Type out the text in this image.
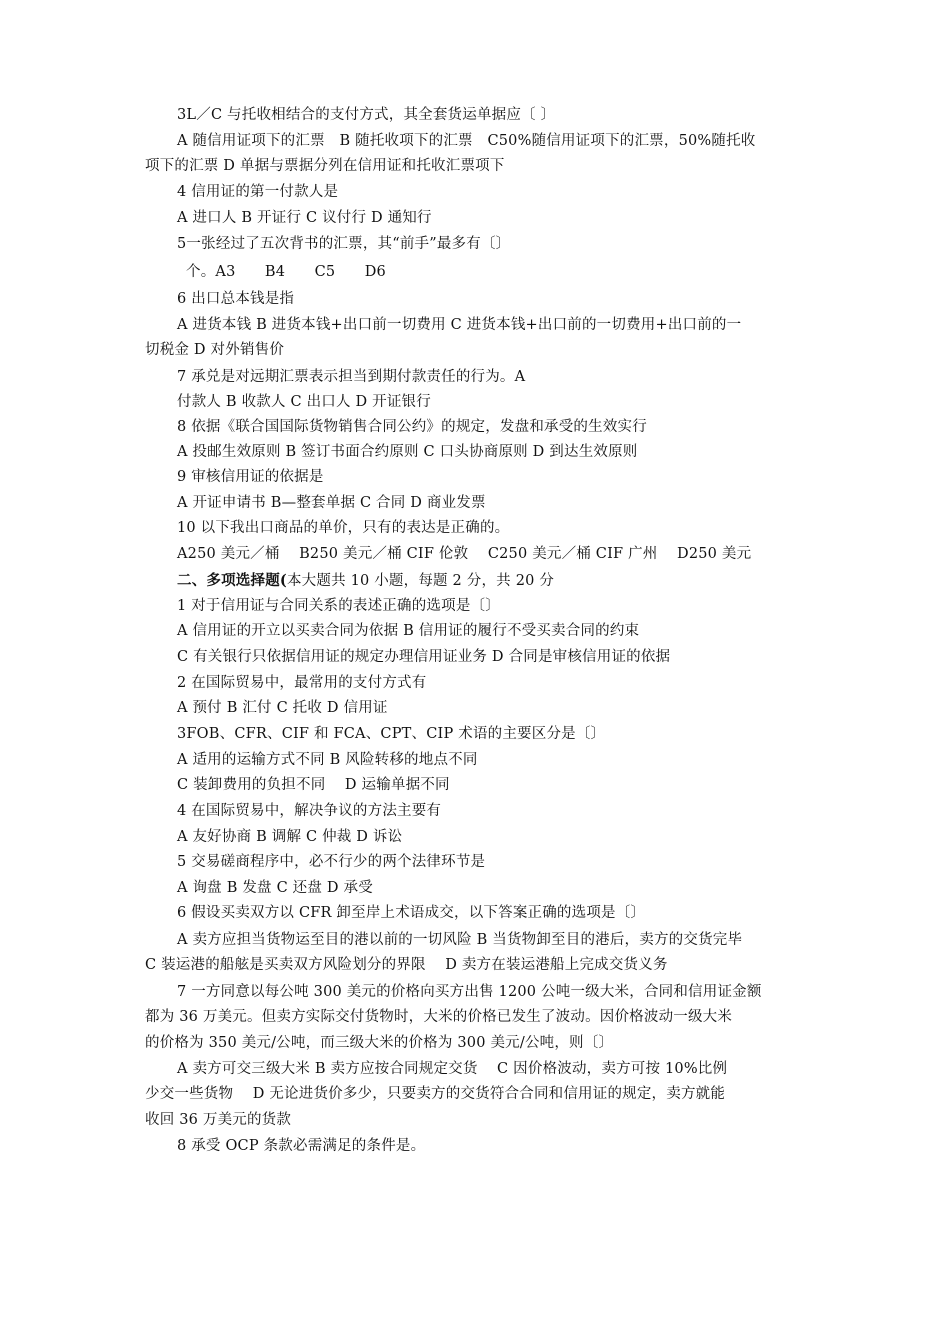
3L／C 与托收相结合的支付方式，其全套货运单据应〔 〕
A 随信用证项下的汇票　B 随托收项下的汇票　C50%随信用证项下的汇票，50%随托收
项下的汇票 D 单据与票据分列在信用证和托收汇票项下
4 信用证的第一付款人是
A 进口人 B 开证行 C 议付行 D 通知行
5一张经过了五次背书的汇票，其“前手”最多有〔〕
个。A3　　B4　　C5　　D6
6 出口总本钱是指
A 进货本钱 B 进货本钱+出口前一切费用 C 进货本钱+出口前的一切费用+出口前的一
切税金 D 对外销售价
7 承兑是对远期汇票表示担当到期付款责任的行为。A
付款人 B 收款人 C 出口人 D 开证银行
8 依据《联合国国际货物销售合同公约》的规定，发盘和承受的生效实行
A 投邮生效原则 B 签订书面合约原则 C 口头协商原则 D 到达生效原则
9 审核信用证的依据是
A 开证申请书 B—整套单据 C 合同 D 商业发票
10 以下我出口商品的单价，只有的表达是正确的。
A250 美元／桶　 B250 美元／桶 CIF 伦敦　 C250 美元／桶 CIF 广州　 D250 美元
二、多项选择题(本大题共 10 小题，每题 2 分，共 20 分
1 对于信用证与合同关系的表述正确的选项是〔〕
A 信用证的开立以买卖合同为依据 B 信用证的履行不受买卖合同的约束
C 有关银行只依据信用证的规定办理信用证业务 D 合同是审核信用证的依据
2 在国际贸易中，最常用的支付方式有
A 预付 B 汇付 C 托收 D 信用证
3FOB、CFR、CIF 和 FCA、CPT、CIP 术语的主要区分是〔〕
A 适用的运输方式不同 B 风险转移的地点不同
C 装卸费用的负担不同　 D 运输单据不同
4 在国际贸易中，解决争议的方法主要有
A 友好协商 B 调解 C 仲裁 D 诉讼
5 交易磋商程序中，必不行少的两个法律环节是
A 询盘 B 发盘 C 还盘 D 承受
6 假设买卖双方以 CFR 卸至岸上术语成交，以下答案正确的选项是〔〕
A 卖方应担当货物运至目的港以前的一切风险 B 当货物卸至目的港后，卖方的交货完毕
C 装运港的船舷是买卖双方风险划分的界限　 D 卖方在装运港船上完成交货义务
7 一方同意以每公吨 300 美元的价格向买方出售 1200 公吨一级大米，合同和信用证金额
都为 36 万美元。但卖方实际交付货物时，大米的价格已发生了波动。因价格波动一级大米
的价格为 350 美元/公吨，而三级大米的价格为 300 美元/公吨，则〔〕
A 卖方可交三级大米 B 卖方应按合同规定交货　 C 因价格波动，卖方可按 10%比例
少交一些货物　 D 无论进货价多少，只要卖方的交货符合合同和信用证的规定，卖方就能
收回 36 万美元的货款
8 承受 OCP 条款必需满足的条件是。
